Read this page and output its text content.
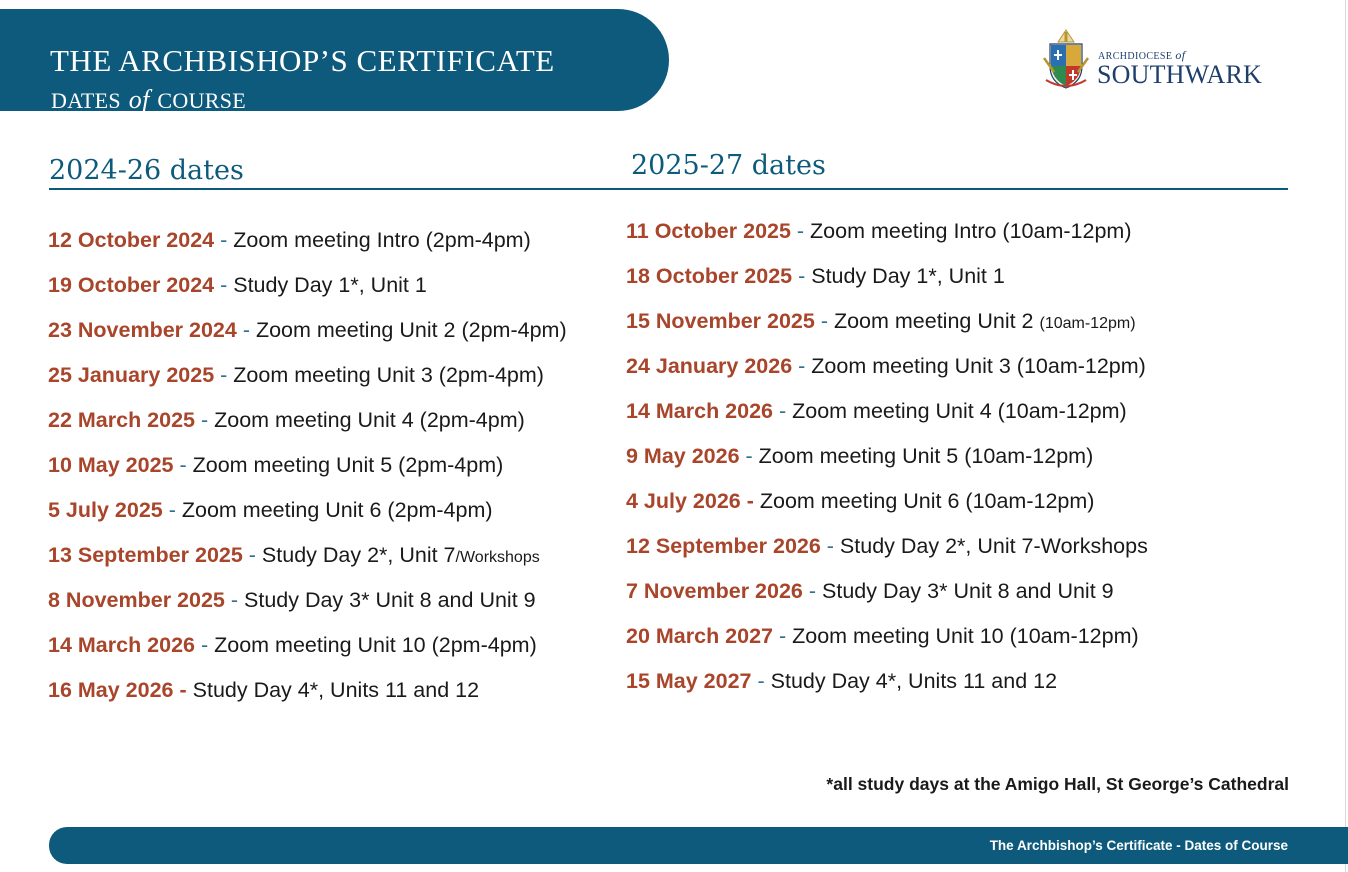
THE ARCHBISHOP’S CERTIFICATE
DATES of COURSE
ARCHDIOCESE of
SOUTHWARK
2024-26 dates	2025-27 dates
12 October 2024 - Zoom meeting Intro (2pm-4pm)
19 October 2024 - Study Day 1*, Unit 1
23 November 2024 - Zoom meeting Unit 2 (2pm-4pm)
25 January 2025 - Zoom meeting Unit 3 (2pm-4pm)
22 March 2025 - Zoom meeting Unit 4 (2pm-4pm)
10 May 2025 - Zoom meeting Unit 5 (2pm-4pm)
5 July 2025 - Zoom meeting Unit 6 (2pm-4pm)
13 September 2025 - Study Day 2*, Unit 7/Workshops
8 November 2025 - Study Day 3* Unit 8 and Unit 9
14 March 2026 - Zoom meeting Unit 10 (2pm-4pm)
16 May 2026 - Study Day 4*, Units 11 and 12
11 October 2025 - Zoom meeting Intro (10am-12pm)
18 October 2025 - Study Day 1*, Unit 1
15 November 2025 - Zoom meeting Unit 2 (10am-12pm)
24 January 2026 - Zoom meeting Unit 3 (10am-12pm)
14 March 2026 - Zoom meeting Unit 4 (10am-12pm)
9 May 2026 - Zoom meeting Unit 5 (10am-12pm)
4 July 2026 - Zoom meeting Unit 6 (10am-12pm)
12 September 2026 - Study Day 2*, Unit 7-Workshops
7 November 2026 - Study Day 3* Unit 8 and Unit 9
20 March 2027 - Zoom meeting Unit 10 (10am-12pm)
15 May 2027 - Study Day 4*, Units 11 and 12
*all study days at the Amigo Hall, St George’s Cathedral
The Archbishop’s Certificate - Dates of Course
